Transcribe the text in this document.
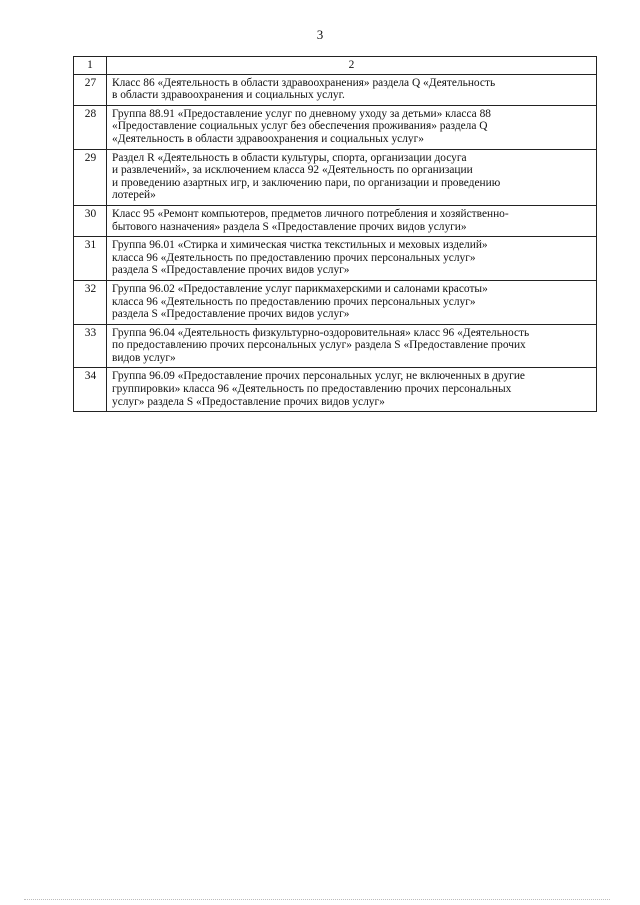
3
1	2
27	Класс 86 «Деятельность в области здравоохранения» раздела Q «Деятельность
в области здравоохранения и социальных услуг.
28	Группа 88.91 «Предоставление услуг по дневному уходу за детьми» класса 88
«Предоставление социальных услуг без обеспечения проживания» раздела Q
«Деятельность в области здравоохранения и социальных услуг»
29	Раздел R «Деятельность в области культуры, спорта, организации досуга
и развлечений», за исключением класса 92 «Деятельность по организации
и проведению азартных игр, и заключению пари, по организации и проведению
лотерей»
30	Класс 95 «Ремонт компьютеров, предметов личного потребления и хозяйственно-
бытового назначения» раздела S «Предоставление прочих видов услуги»
31	Группа 96.01 «Стирка и химическая чистка текстильных и меховых изделий»
класса 96 «Деятельность по предоставлению прочих персональных услуг»
раздела S «Предоставление прочих видов услуг»
32	Группа 96.02 «Предоставление услуг парикмахерскими и салонами красоты»
класса 96 «Деятельность по предоставлению прочих персональных услуг»
раздела S «Предоставление прочих видов услуг»
33	Группа 96.04 «Деятельность физкультурно-оздоровительная» класс 96 «Деятельность
по предоставлению прочих персональных услуг» раздела S «Предоставление прочих
видов услуг»
34	Группа 96.09 «Предоставление прочих персональных услуг, не включенных в другие
группировки» класса 96 «Деятельность по предоставлению прочих персональных
услуг» раздела S «Предоставление прочих видов услуг»
